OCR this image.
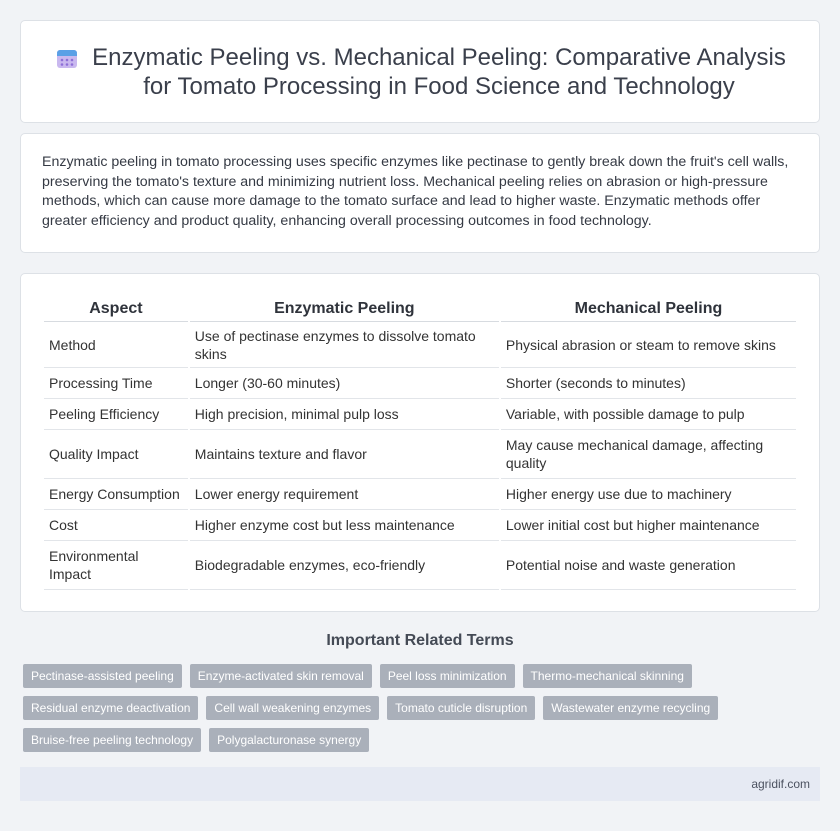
Enzymatic Peeling vs. Mechanical Peeling: Comparative Analysis for Tomato Processing in Food Science and Technology

Enzymatic peeling in tomato processing uses specific enzymes like pectinase to gently break down the fruit's cell walls, preserving the tomato's texture and minimizing nutrient loss. Mechanical peeling relies on abrasion or high-pressure methods, which can cause more damage to the tomato surface and lead to higher waste. Enzymatic methods offer greater efficiency and product quality, enhancing overall processing outcomes in food technology.

Aspect	Enzymatic Peeling	Mechanical Peeling
Method	Use of pectinase enzymes to dissolve tomato skins	Physical abrasion or steam to remove skins
Processing Time	Longer (30-60 minutes)	Shorter (seconds to minutes)
Peeling Efficiency	High precision, minimal pulp loss	Variable, with possible damage to pulp
Quality Impact	Maintains texture and flavor	May cause mechanical damage, affecting quality
Energy Consumption	Lower energy requirement	Higher energy use due to machinery
Cost	Higher enzyme cost but less maintenance	Lower initial cost but higher maintenance
Environmental Impact	Biodegradable enzymes, eco-friendly	Potential noise and waste generation
Important Related Terms
Pectinase-assisted peeling	Enzyme-activated skin removal	Peel loss minimization	Thermo-mechanical skinning
Residual enzyme deactivation	Cell wall weakening enzymes	Tomato cuticle disruption	Wastewater enzyme recycling
Bruise-free peeling technology	Polygalacturonase synergy
agridif.com
